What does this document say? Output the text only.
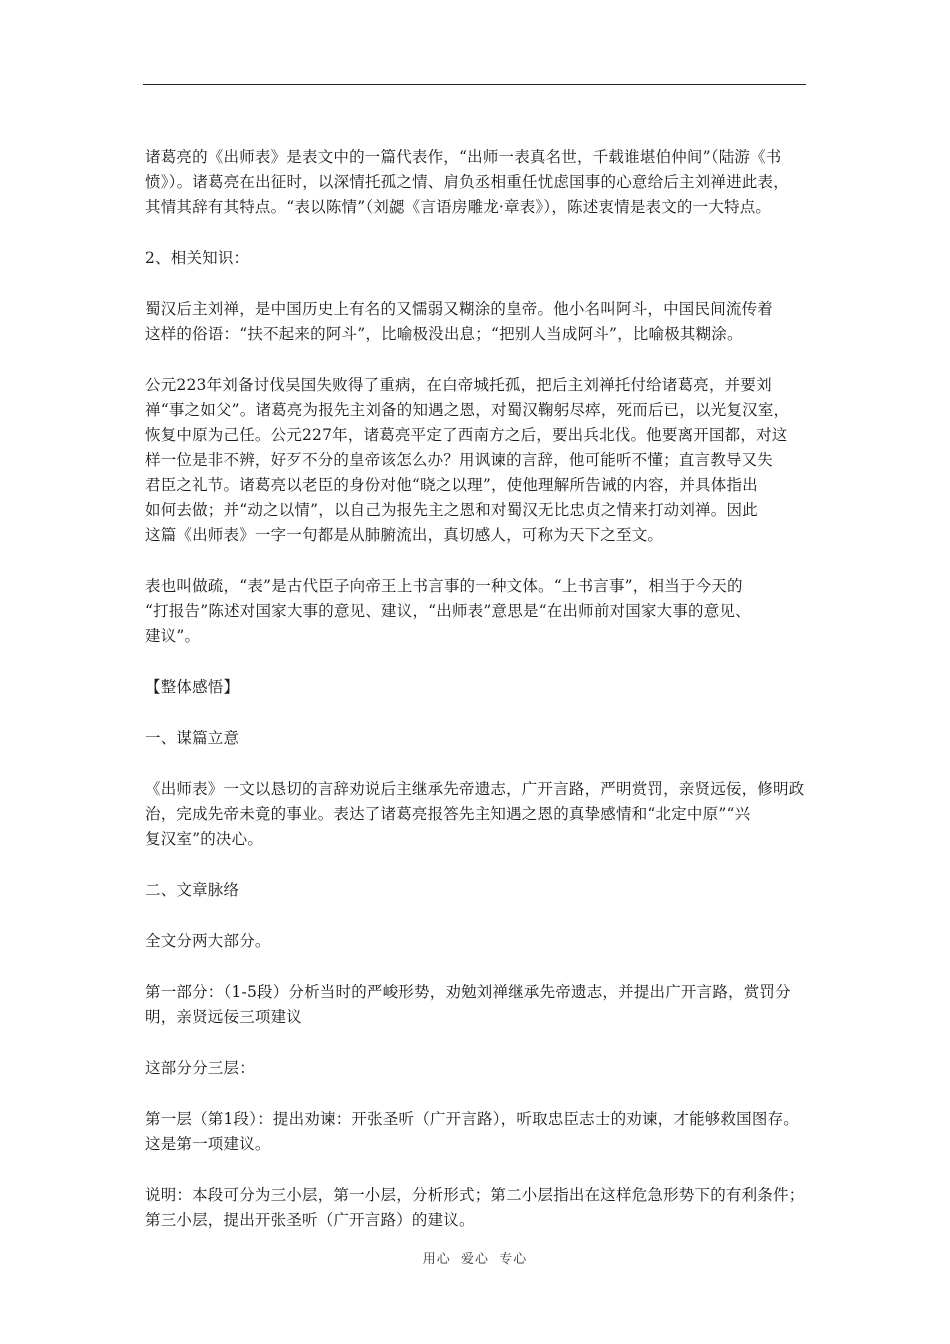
诸葛亮的《出师表》是表文中的一篇代表作，“出师一表真名世，千载谁堪伯仲间”（陆游《书
愤》）。诸葛亮在出征时，以深情托孤之情、肩负丞相重任忧虑国事的心意给后主刘禅进此表，
其情其辞有其特点。“表以陈情”（刘勰《言语房雕龙·章表》），陈述衷情是表文的一大特点。

2、相关知识：

蜀汉后主刘禅，是中国历史上有名的又懦弱又糊涂的皇帝。他小名叫阿斗，中国民间流传着
这样的俗语：“扶不起来的阿斗”，比喻极没出息；“把别人当成阿斗”，比喻极其糊涂。

公元223年刘备讨伐吴国失败得了重病，在白帝城托孤，把后主刘禅托付给诸葛亮，并要刘
禅“事之如父”。诸葛亮为报先主刘备的知遇之恩，对蜀汉鞠躬尽瘁，死而后已，以光复汉室，
恢复中原为己任。公元227年，诸葛亮平定了西南方之后，要出兵北伐。他要离开国都，对这
样一位是非不辨，好歹不分的皇帝该怎么办？用讽谏的言辞，他可能听不懂；直言教导又失
君臣之礼节。诸葛亮以老臣的身份对他“晓之以理”，使他理解所告诫的内容，并具体指出
如何去做；并“动之以情”，以自己为报先主之恩和对蜀汉无比忠贞之情来打动刘禅。因此
这篇《出师表》一字一句都是从肺腑流出，真切感人，可称为天下之至文。

表也叫做疏，“表”是古代臣子向帝王上书言事的一种文体。“上书言事”，相当于今天的
“打报告”陈述对国家大事的意见、建议，“出师表”意思是“在出师前对国家大事的意见、
建议”。

【整体感悟】

一、谋篇立意

《出师表》一文以恳切的言辞劝说后主继承先帝遗志，广开言路，严明赏罚，亲贤远佞，修明政
治，完成先帝未竟的事业。表达了诸葛亮报答先主知遇之恩的真挚感情和“北定中原”“兴
复汉室”的决心。

二、文章脉络

全文分两大部分。

第一部分：（1-5段）分析当时的严峻形势，劝勉刘禅继承先帝遗志，并提出广开言路，赏罚分
明，亲贤远佞三项建议

这部分分三层：

第一层（第1段）：提出劝谏：开张圣听（广开言路），听取忠臣志士的劝谏，才能够救国图存。
这是第一项建议。

说明：本段可分为三小层，第一小层，分析形式；第二小层指出在这样危急形势下的有利条件；
第三小层，提出开张圣听（广开言路）的建议。

用心  爱心  专心
